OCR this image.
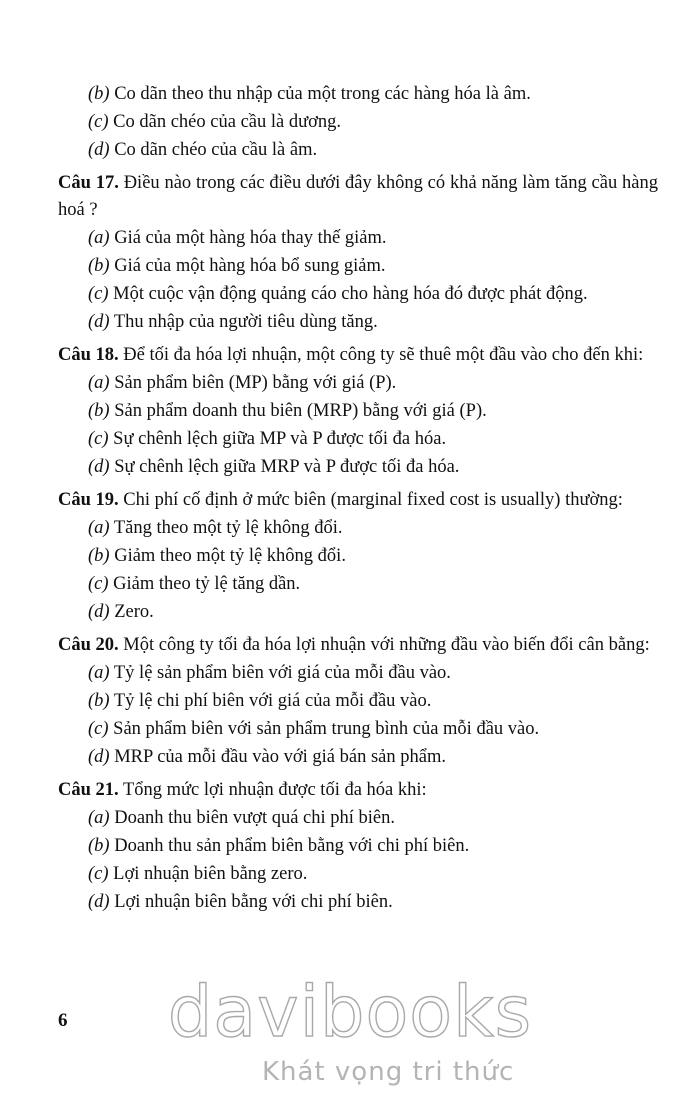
(b) Co dãn theo thu nhập của một trong các hàng hóa là âm.

(c) Co dãn chéo của cầu là dương.

(d) Co dãn chéo của cầu là âm.

Câu 17. Điều nào trong các điều dưới đây không có khả năng làm tăng cầu hàng hoá ?

(a) Giá của một hàng hóa thay thế giảm.

(b) Giá của một hàng hóa bổ sung giảm.

(c) Một cuộc vận động quảng cáo cho hàng hóa đó được phát động.

(d) Thu nhập của người tiêu dùng tăng.

Câu 18. Để tối đa hóa lợi nhuận, một công ty sẽ thuê một đầu vào cho đến khi:

(a) Sản phẩm biên (MP) bằng với giá (P).

(b) Sản phẩm doanh thu biên (MRP) bằng với giá (P).

(c) Sự chênh lệch giữa MP và P được tối đa hóa.

(d) Sự chênh lệch giữa MRP và P được tối đa hóa.

Câu 19. Chi phí cố định ở mức biên (marginal fixed cost is usually) thường:

(a) Tăng theo một tỷ lệ không đổi.

(b) Giảm theo một tỷ lệ không đổi.

(c) Giảm theo tỷ lệ tăng dần.

(d) Zero.

Câu 20. Một công ty tối đa hóa lợi nhuận với những đầu vào biến đổi cân bằng:

(a) Tỷ lệ sản phẩm biên với giá của mỗi đầu vào.

(b) Tỷ lệ chi phí biên với giá của mỗi đầu vào.

(c) Sản phẩm biên với sản phẩm trung bình của mỗi đầu vào.

(d) MRP của mỗi đầu vào với giá bán sản phẩm.

Câu 21. Tổng mức lợi nhuận được tối đa hóa khi:

(a) Doanh thu biên vượt quá chi phí biên.

(b) Doanh thu sản phẩm biên bằng với chi phí biên.

(c) Lợi nhuận biên bằng zero.

(d) Lợi nhuận biên bằng với chi phí biên.

6 davibooks
Khát vọng tri thức
